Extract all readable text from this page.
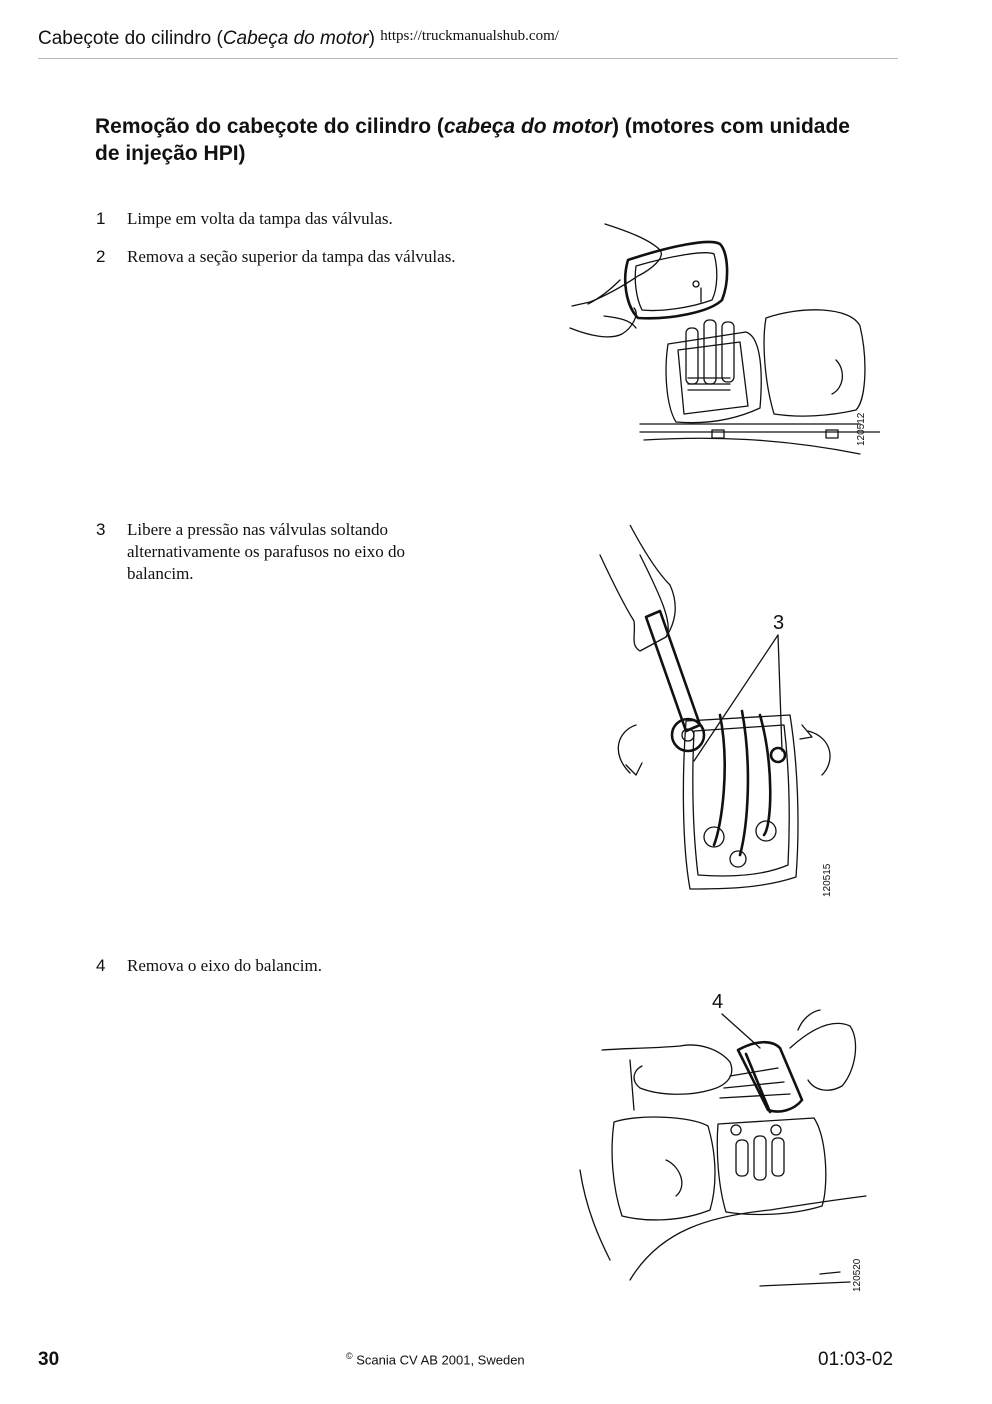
Cabeçote do cilindro (Cabeça do motor) $^{https://truckmanualshub.com/}$
Remoção do cabeçote do cilindro (cabeça do motor) (motores com unidade de injeção HPI)
1 Limpe em volta da tampa das válvulas.
2 Remova a seção superior da tampa das válvulas.
3 Libere a pressão nas válvulas soltando alternativamente os parafusos no eixo do balancim.
4 Remova o eixo do balancim.
120512
3
120515
4
120520
30	© Scania CV AB 2001, Sweden	01:03-02
